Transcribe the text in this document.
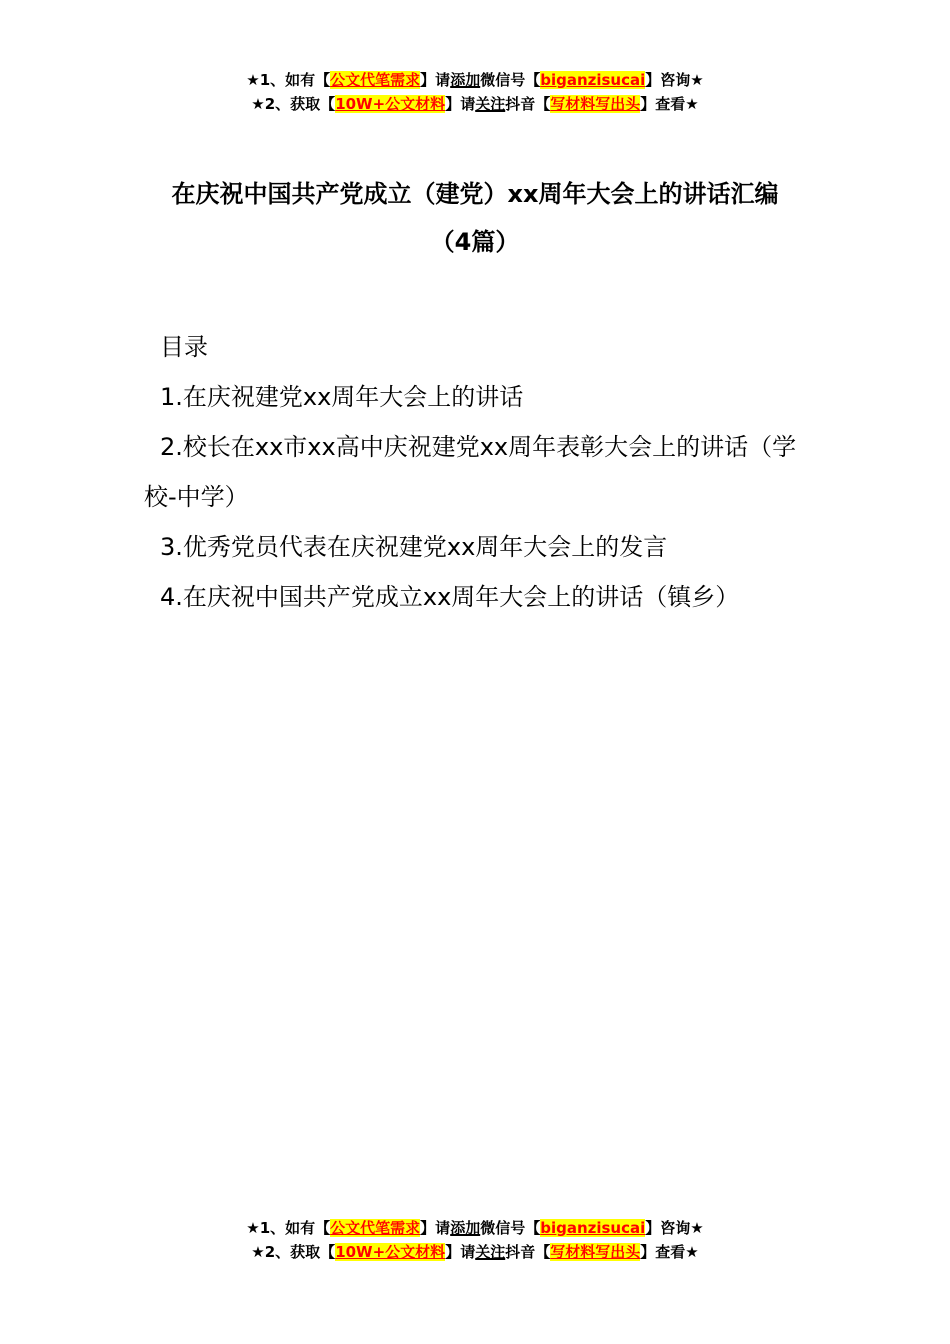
★1、如有【公文代笔需求】请添加微信号【biganzisucai】咨询★
★2、获取【10W+公文材料】请关注抖音【写材料写出头】查看★
在庆祝中国共产党成立（建党）xx周年大会上的讲话汇编
（4篇）
目录
1.在庆祝建党xx周年大会上的讲话
2.校长在xx市xx高中庆祝建党xx周年表彰大会上的讲话（学校-中学）
3.优秀党员代表在庆祝建党xx周年大会上的发言
4.在庆祝中国共产党成立xx周年大会上的讲话（镇乡）
★1、如有【公文代笔需求】请添加微信号【biganzisucai】咨询★
★2、获取【10W+公文材料】请关注抖音【写材料写出头】查看★
